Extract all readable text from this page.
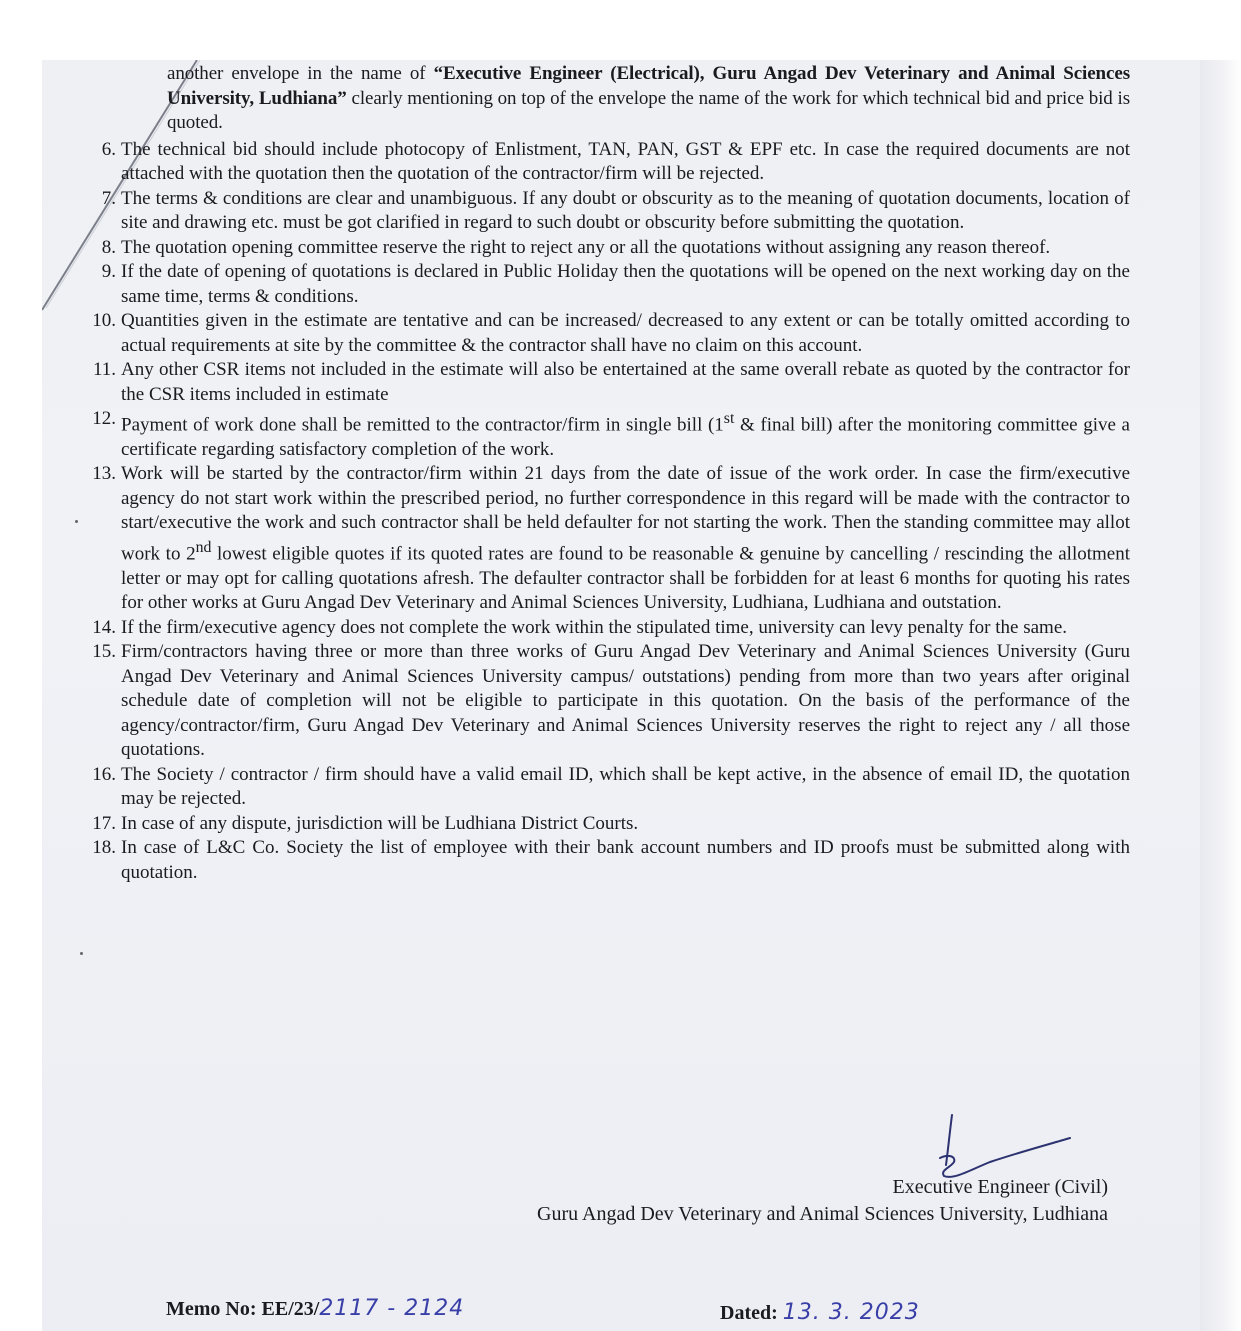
another envelope in the name of “Executive Engineer (Electrical), Guru Angad Dev Veterinary and Animal Sciences University, Ludhiana” clearly mentioning on top of the envelope the name of the work for which technical bid and price bid is quoted.
6. The technical bid should include photocopy of Enlistment, TAN, PAN, GST & EPF etc. In case the required documents are not attached with the quotation then the quotation of the contractor/firm will be rejected.
7. The terms & conditions are clear and unambiguous. If any doubt or obscurity as to the meaning of quotation documents, location of site and drawing etc. must be got clarified in regard to such doubt or obscurity before submitting the quotation.
8. The quotation opening committee reserve the right to reject any or all the quotations without assigning any reason thereof.
9. If the date of opening of quotations is declared in Public Holiday then the quotations will be opened on the next working day on the same time, terms & conditions.
10. Quantities given in the estimate are tentative and can be increased/ decreased to any extent or can be totally omitted according to actual requirements at site by the committee & the contractor shall have no claim on this account.
11. Any other CSR items not included in the estimate will also be entertained at the same overall rebate as quoted by the contractor for the CSR items included in estimate
12. Payment of work done shall be remitted to the contractor/firm in single bill (1st & final bill) after the monitoring committee give a certificate regarding satisfactory completion of the work.
13. Work will be started by the contractor/firm within 21 days from the date of issue of the work order. In case the firm/executive agency do not start work within the prescribed period, no further correspondence in this regard will be made with the contractor to start/executive the work and such contractor shall be held defaulter for not starting the work. Then the standing committee may allot work to 2nd lowest eligible quotes if its quoted rates are found to be reasonable & genuine by cancelling / rescinding the allotment letter or may opt for calling quotations afresh. The defaulter contractor shall be forbidden for at least 6 months for quoting his rates for other works at Guru Angad Dev Veterinary and Animal Sciences University, Ludhiana, Ludhiana and outstation.
14. If the firm/executive agency does not complete the work within the stipulated time, university can levy penalty for the same.
15. Firm/contractors having three or more than three works of Guru Angad Dev Veterinary and Animal Sciences University (Guru Angad Dev Veterinary and Animal Sciences University campus/ outstations) pending from more than two years after original schedule date of completion will not be eligible to participate in this quotation. On the basis of the performance of the agency/contractor/firm, Guru Angad Dev Veterinary and Animal Sciences University reserves the right to reject any / all those quotations.
16. The Society / contractor / firm should have a valid email ID, which shall be kept active, in the absence of email ID, the quotation may be rejected.
17. In case of any dispute, jurisdiction will be Ludhiana District Courts.
18. In case of L&C Co. Society the list of employee with their bank account numbers and ID proofs must be submitted along with quotation.
Executive Engineer (Civil)
Guru Angad Dev Veterinary and Animal Sciences University, Ludhiana
Memo No: EE/23/2117 - 2124	Dated: 13. 3. 2023
